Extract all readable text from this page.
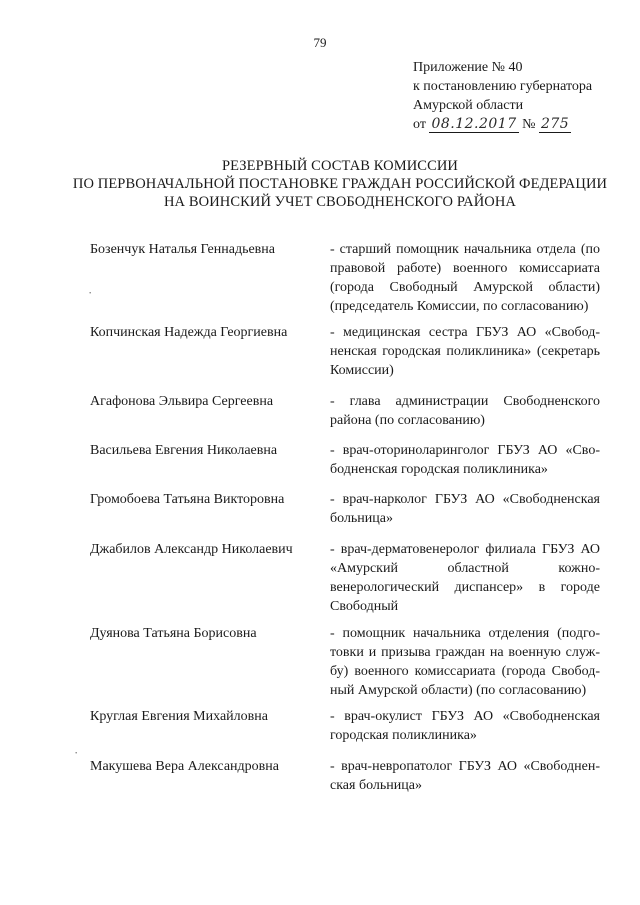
79
Приложение № 40
к постановлению губернатора
Амурской области
от 08.12.2017 № 275
РЕЗЕРВНЫЙ СОСТАВ КОМИССИИ
ПО ПЕРВОНАЧАЛЬНОЙ ПОСТАНОВКЕ ГРАЖДАН РОССИЙСКОЙ ФЕДЕРАЦИИ
НА ВОИНСКИЙ УЧЕТ СВОБОДНЕНСКОГО РАЙОНА
Бозенчук Наталья Геннадьевна	- старший помощник начальника отдела (по правовой работе) военного комиссариата (города Свободный Амурской области) (председатель Комиссии, по согласованию)
Копчинская Надежда Георгиевна	- медицинская сестра ГБУЗ АО «Свобод-ненская городская поликлиника» (секретарь Комиссии)
Агафонова Эльвира Сергеевна	- глава администрации Свободненского района (по согласованию)
Васильева Евгения Николаевна	- врач-оториноларинголог ГБУЗ АО «Сво-бодненская городская поликлиника»
Громобоева Татьяна Викторовна	- врач-нарколог ГБУЗ АО «Свободненская больница»
Джабилов Александр Николаевич	- врач-дерматовенеролог филиала ГБУЗ АО «Амурский областной кожно-венерологический диспансер» в городе Свободный
Дуянова Татьяна Борисовна	- помощник начальника отделения (подго-товки и призыва граждан на военную служ-бу) военного комиссариата (города Свобод-ный Амурской области) (по согласованию)
Круглая Евгения Михайловна	- врач-окулист ГБУЗ АО «Свободненская городская поликлиника»
Макушева Вера Александровна	- врач-невропатолог ГБУЗ АО «Свободнен-ская больница»
·
·
